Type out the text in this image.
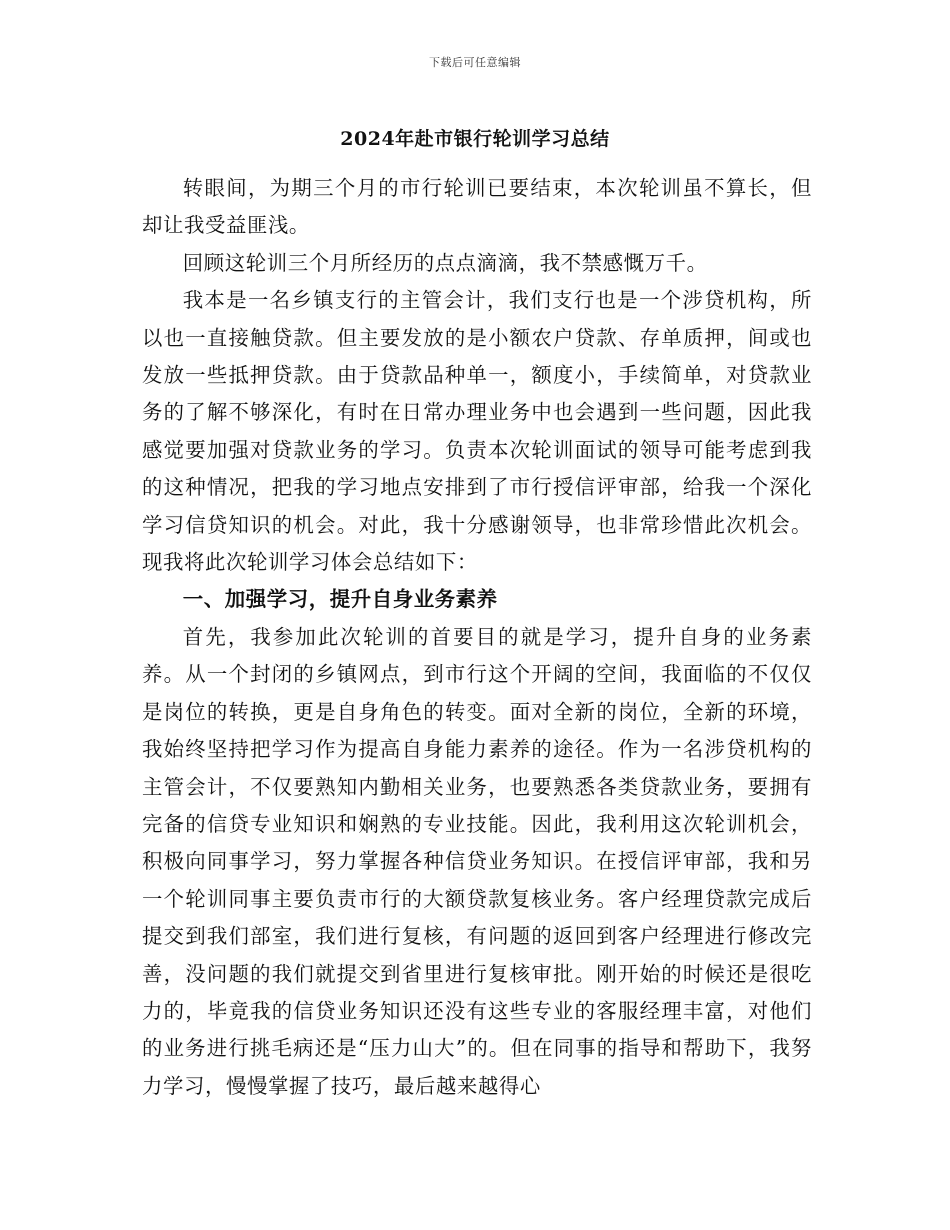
下载后可任意编辑
2024年赴市银行轮训学习总结

转眼间，为期三个月的市行轮训已要结束，本次轮训虽不算长，但却让我受益匪浅。

回顾这轮训三个月所经历的点点滴滴，我不禁感慨万千。

我本是一名乡镇支行的主管会计，我们支行也是一个涉贷机构，所以也一直接触贷款。但主要发放的是小额农户贷款、存单质押，间或也发放一些抵押贷款。由于贷款品种单一，额度小，手续简单，对贷款业务的了解不够深化，有时在日常办理业务中也会遇到一些问题，因此我感觉要加强对贷款业务的学习。负责本次轮训面试的领导可能考虑到我的这种情况，把我的学习地点安排到了市行授信评审部，给我一个深化学习信贷知识的机会。对此，我十分感谢领导，也非常珍惜此次机会。现我将此次轮训学习体会总结如下：

一、加强学习，提升自身业务素养

首先，我参加此次轮训的首要目的就是学习，提升自身的业务素养。从一个封闭的乡镇网点，到市行这个开阔的空间，我面临的不仅仅是岗位的转换，更是自身角色的转变。面对全新的岗位，全新的环境，我始终坚持把学习作为提高自身能力素养的途径。作为一名涉贷机构的主管会计，不仅要熟知内勤相关业务，也要熟悉各类贷款业务，要拥有完备的信贷专业知识和娴熟的专业技能。因此，我利用这次轮训机会，积极向同事学习，努力掌握各种信贷业务知识。在授信评审部，我和另一个轮训同事主要负责市行的大额贷款复核业务。客户经理贷款完成后提交到我们部室，我们进行复核，有问题的返回到客户经理进行修改完善，没问题的我们就提交到省里进行复核审批。刚开始的时候还是很吃力的，毕竟我的信贷业务知识还没有这些专业的客服经理丰富，对他们的业务进行挑毛病还是“压力山大”的。但在同事的指导和帮助下，我努力学习，慢慢掌握了技巧，最后越来越得心
